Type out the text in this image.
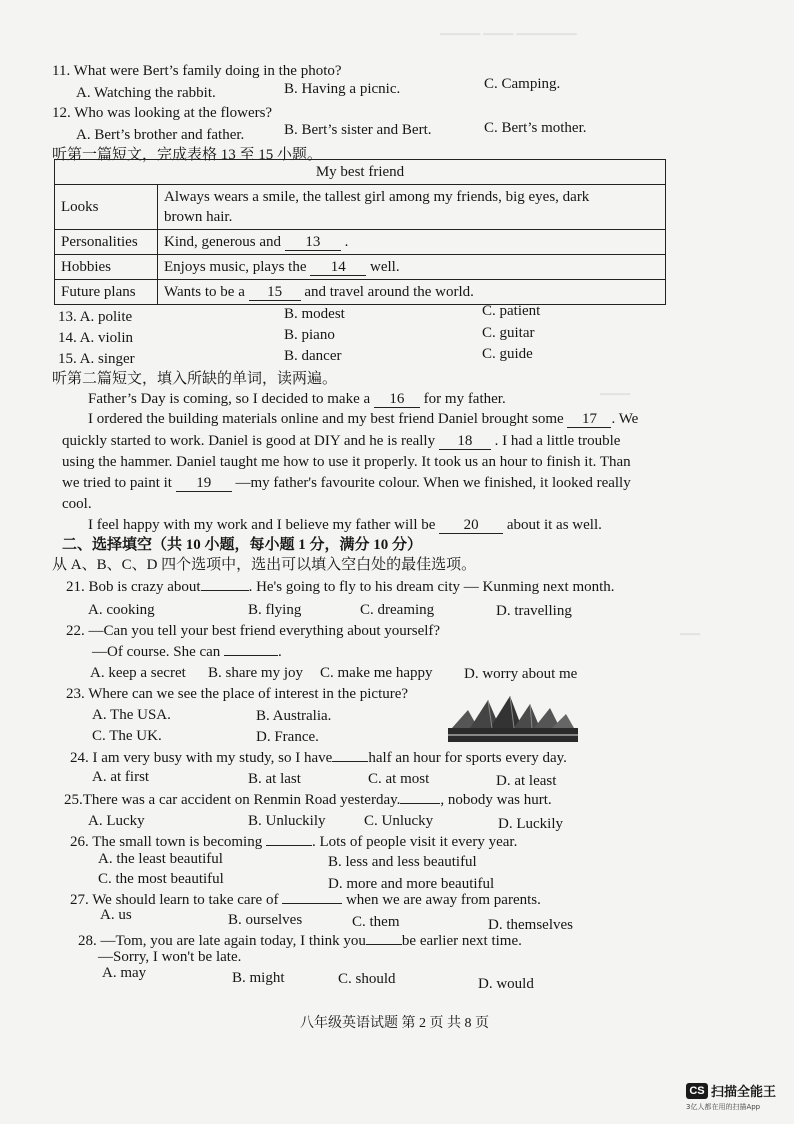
▁▁▁▁ ▁▁▁ ▁▁▁▁▁▁
▁▁▁
▁▁
11. What were Bert’s family doing in the photo?
A. Watching the rabbit.	B. Having a picnic.	C. Camping.
12. Who was looking at the flowers?
A. Bert’s brother and father.	B. Bert’s sister and Bert.	C. Bert’s mother.
听第一篇短文，完成表格 13 至 15 小题。
My best friend	
Looks	Always wears a smile, the tallest girl among my friends, big eyes, dark
brown hair.

Personalities	Kind, generous and 13 .
Hobbies	Enjoys music, plays the 14 well.
Future plans	Wants to be a 15 and travel around the world.
13. A. polite	B. modest	C. patient
14. A. violin	B. piano	C. guitar
15. A. singer	B. dancer	C. guide
听第二篇短文，填入所缺的单词，读两遍。
Father’s Day is coming, so I decided to make a 16 for my father.
I ordered the building materials online and my best friend Daniel brought some 17 . We
quickly started to work. Daniel is good at DIY and he is really 18 . I had a little trouble
using the hammer. Daniel taught me how to use it properly. It took us an hour to finish it. Than
we tried to paint it 19 —my father's favourite colour. When we finished, it looked really
cool.
I feel happy with my work and I believe my father will be 20 about it as well.
二、选择填空（共 10 小题，每小题 1 分，满分 10 分）
从 A、B、C、D 四个选项中，选出可以填入空白处的最佳选项。
21. Bob is crazy about	. He's going to fly to his dream city — Kunming next month.
A. cooking	B. flying	C. dreaming	D. travelling
22. —Can you tell your best friend everything about yourself?
—Of course. She can	.
A. keep a secret B. share my joy C. make me happy D. worry about me
23. Where can we see the place of interest in the picture?
A. The USA.	B. Australia.
C. The UK.	D. France.
24. I am very busy with my study, so I have half an hour for sports every day.
A. at first	B. at last	C. at most	D. at least
25.There was a car accident on Renmin Road yesterday.	, nobody was hurt.
A. Lucky	B. Unluckily	C. Unlucky	D. Luckily
26. The small town is becoming	. Lots of people visit it every year.
A. the least beautiful	B. less and less beautiful
C. the most beautiful	D. more and more beautiful
27. We should learn to take care of	when we are away from parents.
A. us	B. ourselves	C. them	D. themselves
28. —Tom, you are late again today, I think you be earlier next time.
—Sorry, I won't be late.
A. may	B. might	C. should	D. would
八年级英语试题 第 2 页 共 8 页
CS 扫描全能王
3亿人都在用的扫描App
